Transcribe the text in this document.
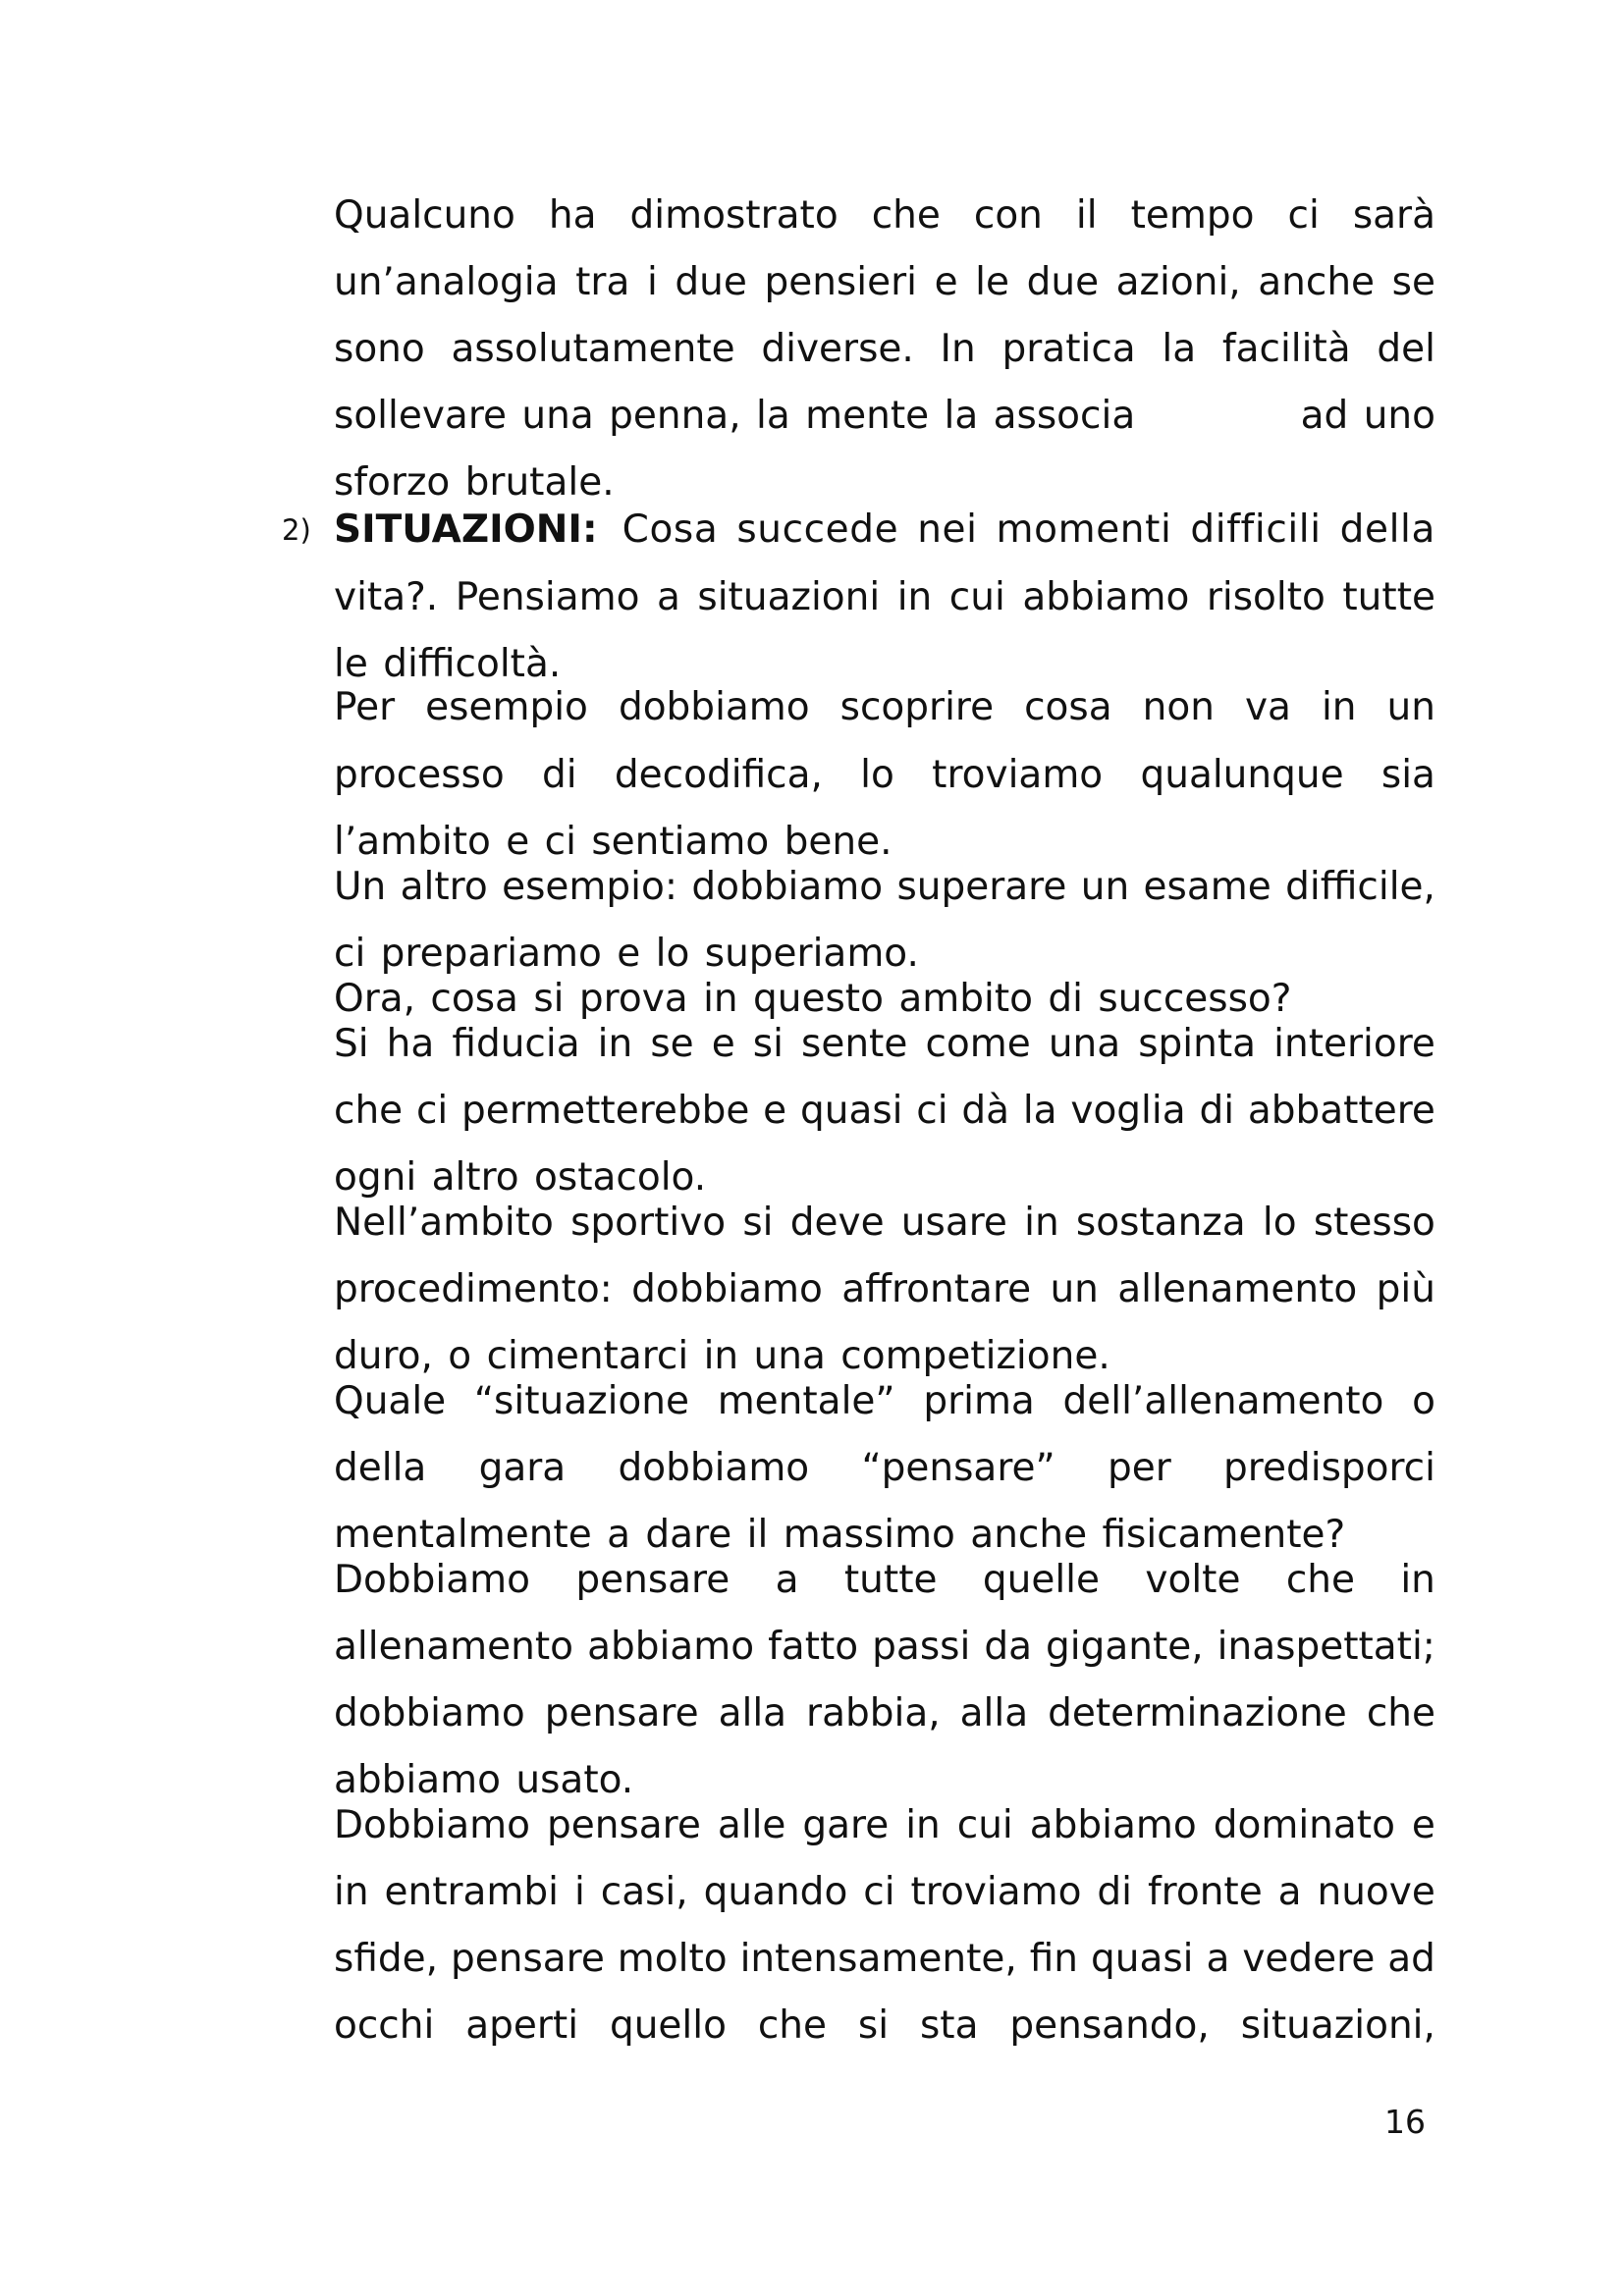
Qualcuno ha dimostrato che con il tempo ci sarà
un’analogia tra i due pensieri e le due azioni, anche se
sono assolutamente diverse. In pratica la facilità del
sollevare una penna, la mente la associa	ad uno
sforzo brutale.
2) SITUAZIONI: Cosa succede nei momenti difficili della
vita?. Pensiamo a situazioni in cui abbiamo risolto tutte
le difficoltà.
Per esempio dobbiamo scoprire cosa non va in un
processo di decodifica, lo troviamo qualunque sia
l’ambito e ci sentiamo bene.
Un altro esempio: dobbiamo superare un esame difficile,
ci prepariamo e lo superiamo.
Ora, cosa si prova in questo ambito di successo?
Si ha fiducia in se e si sente come una spinta interiore
che ci permetterebbe e quasi ci dà la voglia di abbattere
ogni altro ostacolo.
Nell’ambito sportivo si deve usare in sostanza lo stesso
procedimento: dobbiamo affrontare un allenamento più
duro, o cimentarci in una competizione.
Quale “situazione mentale” prima dell’allenamento o
della gara dobbiamo “pensare” per predisporci
mentalmente a dare il massimo anche fisicamente?
Dobbiamo pensare a tutte quelle volte che in
allenamento abbiamo fatto passi da gigante, inaspettati;
dobbiamo pensare alla rabbia, alla determinazione che
abbiamo usato.
Dobbiamo pensare alle gare in cui abbiamo dominato e
in entrambi i casi, quando ci troviamo di fronte a nuove
sfide, pensare molto intensamente, fin quasi a vedere ad
occhi aperti quello che si sta pensando, situazioni,
16
